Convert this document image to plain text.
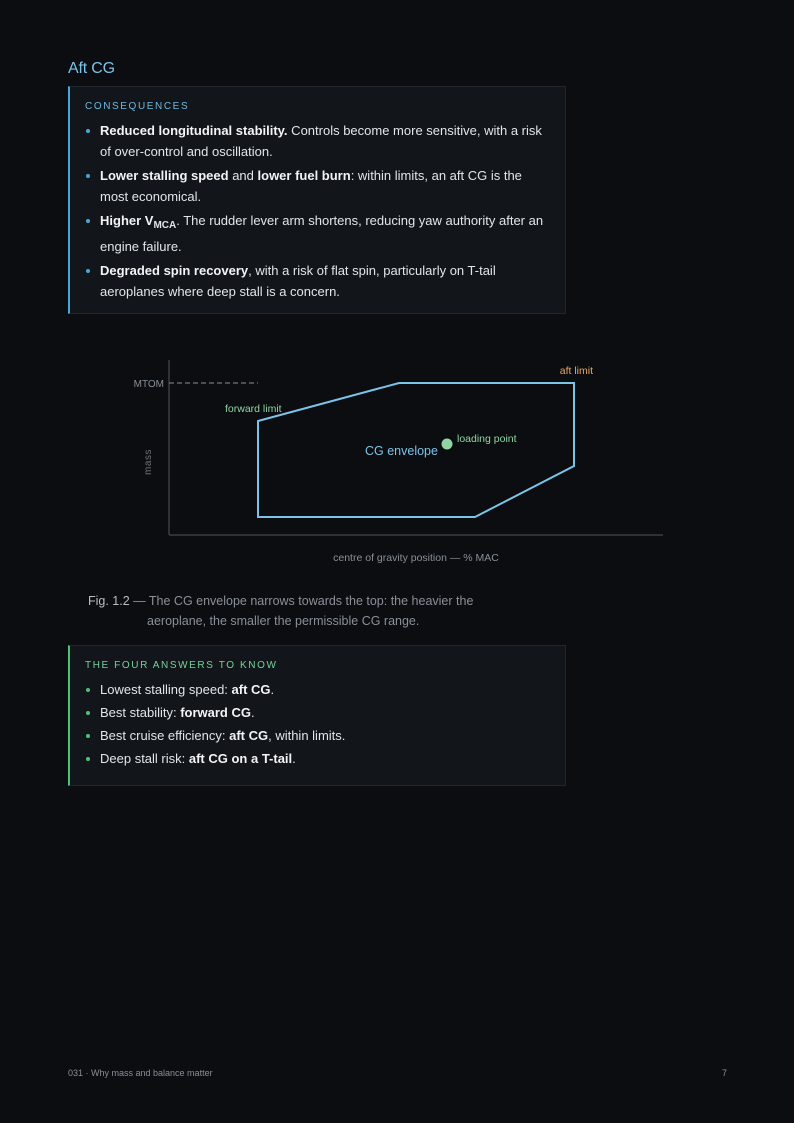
Aft CG
CONSEQUENCES
Reduced longitudinal stability. Controls become more sensitive, with a risk of over-control and oscillation.
Lower stalling speed and lower fuel burn: within limits, an aft CG is the most economical.
Higher $V_{MCA}$. The rudder lever arm shortens, reducing yaw authority after an engine failure.
Degraded spin recovery, with a risk of flat spin, particularly on T-tail aeroplanes where deep stall is a concern.
MTOM
mass
forward limit
aft limit
CG envelope
loading point
centre of gravity position — % MAC
Fig. 1.2 — The CG envelope narrows towards the top: the heavier the
aeroplane, the smaller the permissible CG range.
THE FOUR ANSWERS TO KNOW
Lowest stalling speed: aft CG.
Best stability: forward CG.
Best cruise efficiency: aft CG, within limits.
Deep stall risk: aft CG on a T-tail.
031 · Why mass and balance matter	7
